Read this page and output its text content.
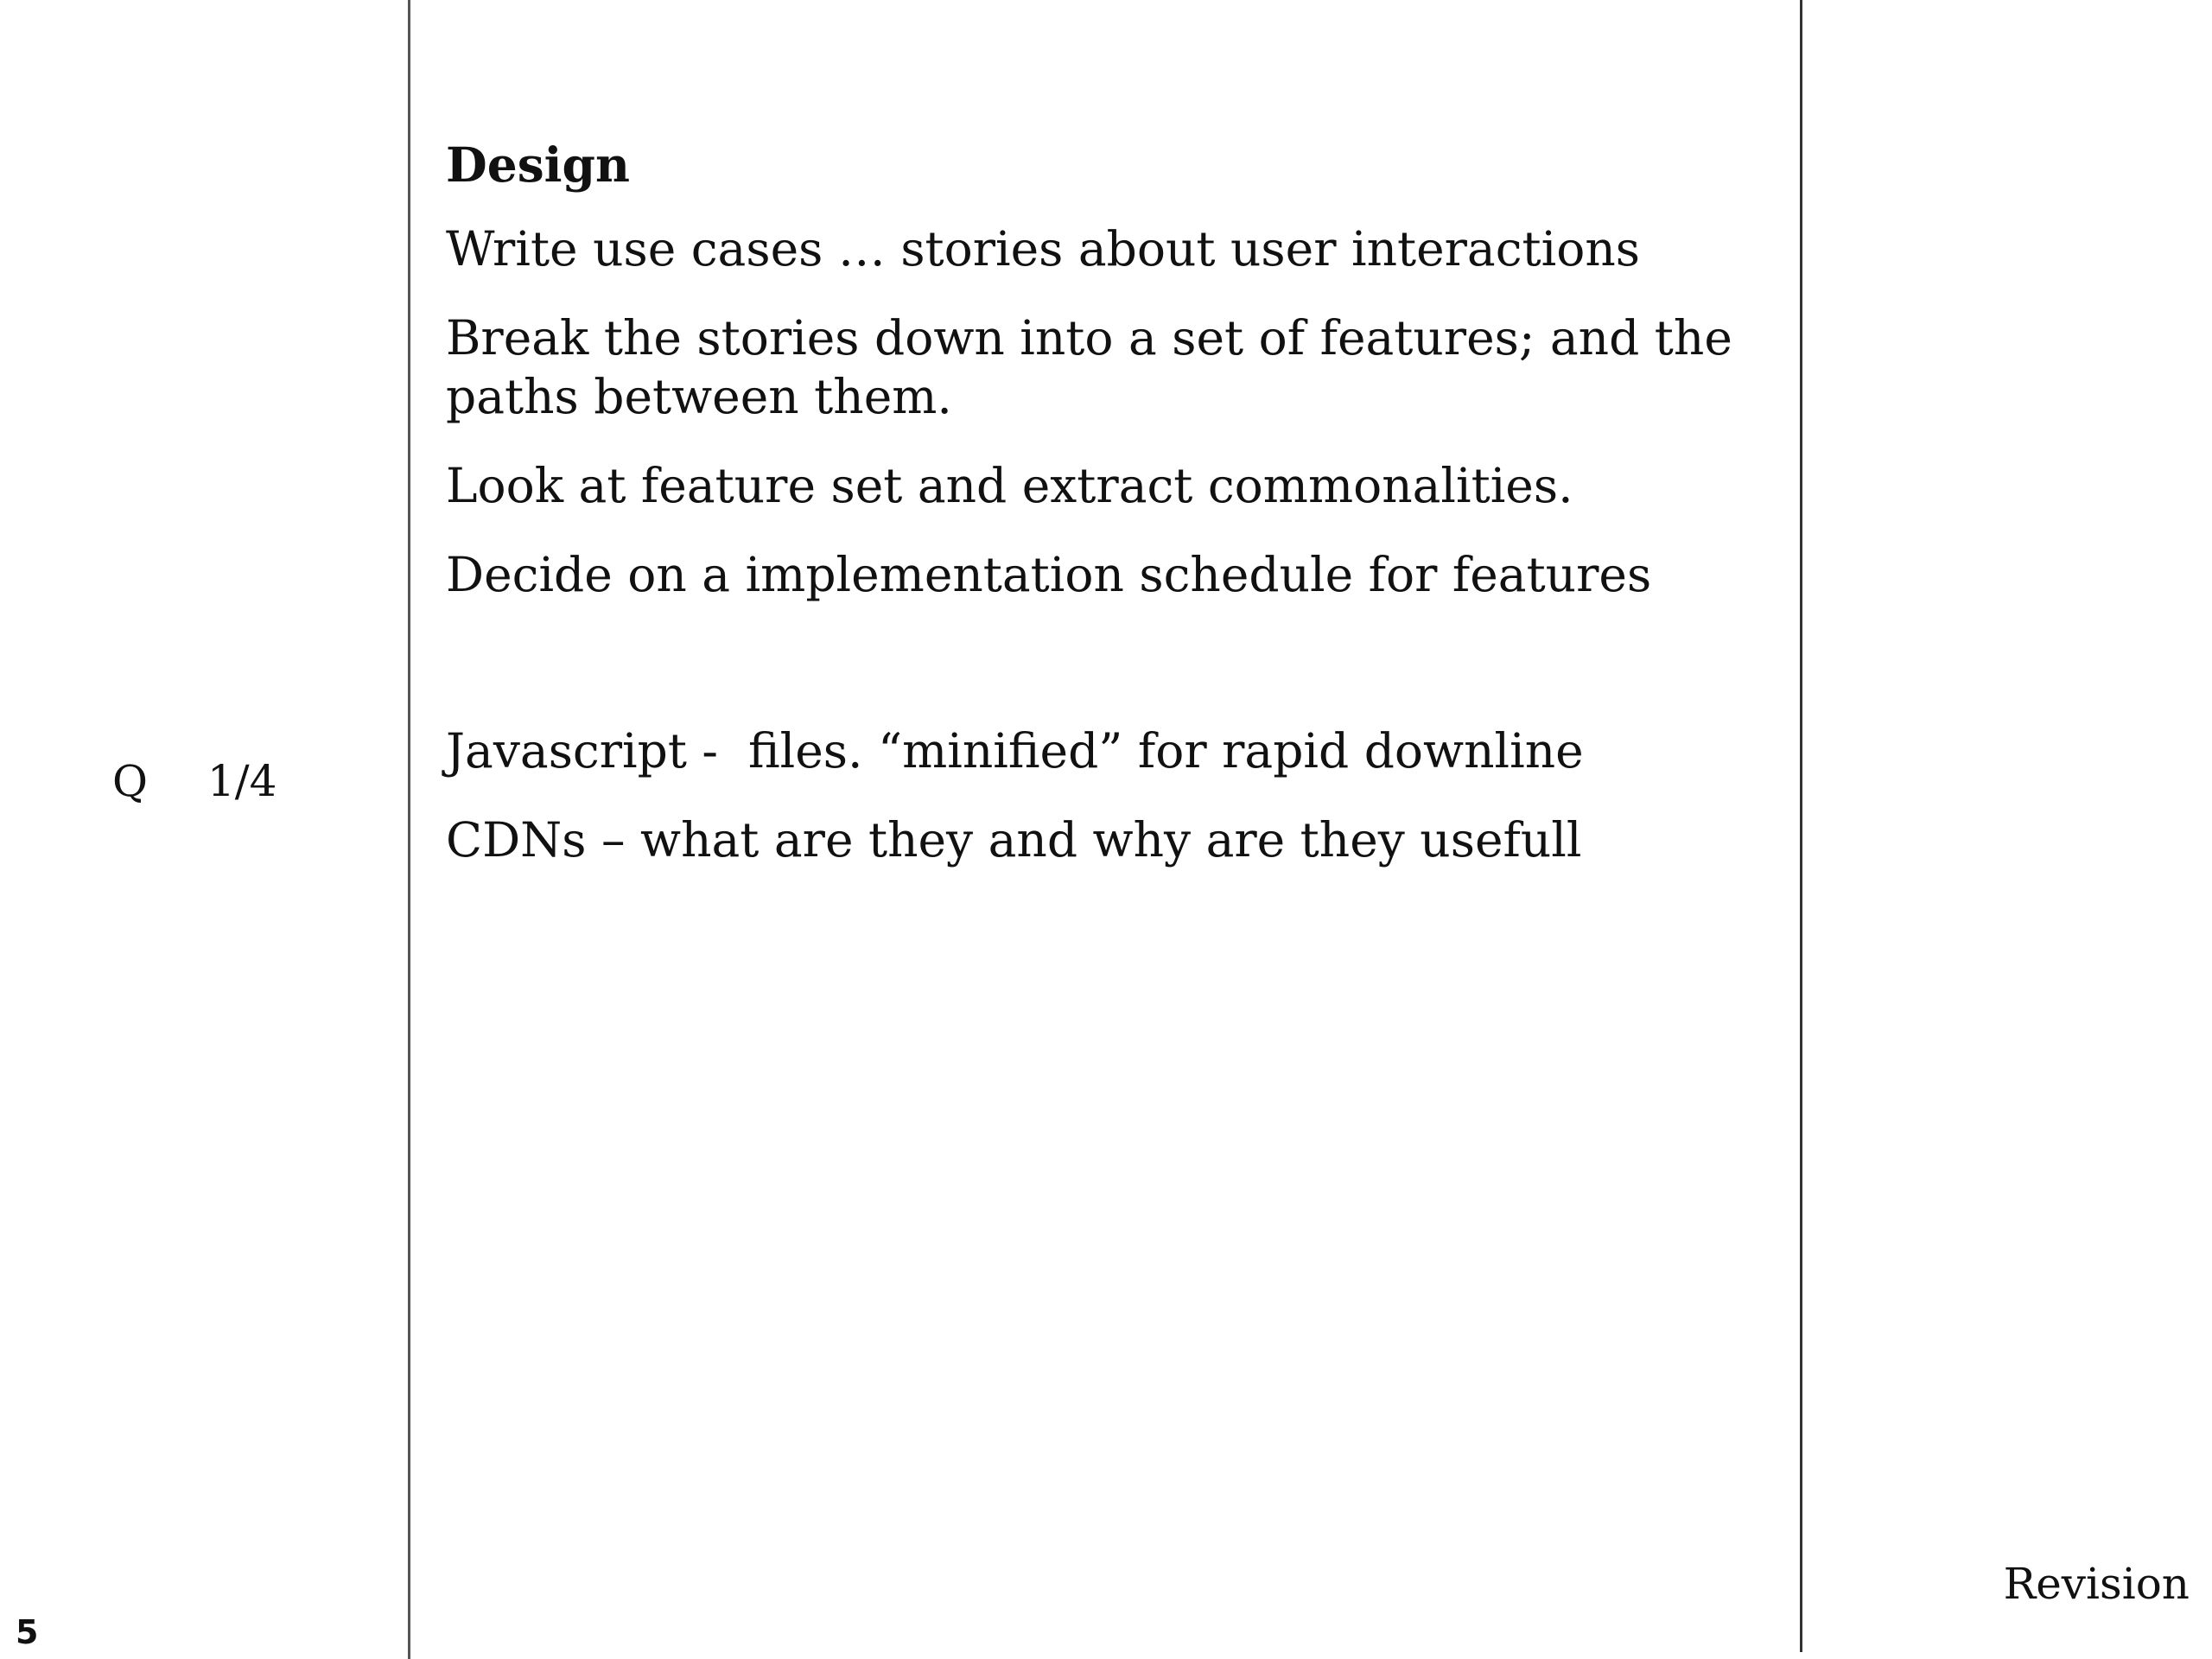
Design

Write use cases … stories about user interactions

Break the stories down into a set of features; and the paths between them.

Look at feature set and extract commonalities.

Decide on a implementation schedule for features

Javascript -  files. “minified” for rapid downline

CDNs – what are they and why are they usefull

Q 1/4
5
Revision
